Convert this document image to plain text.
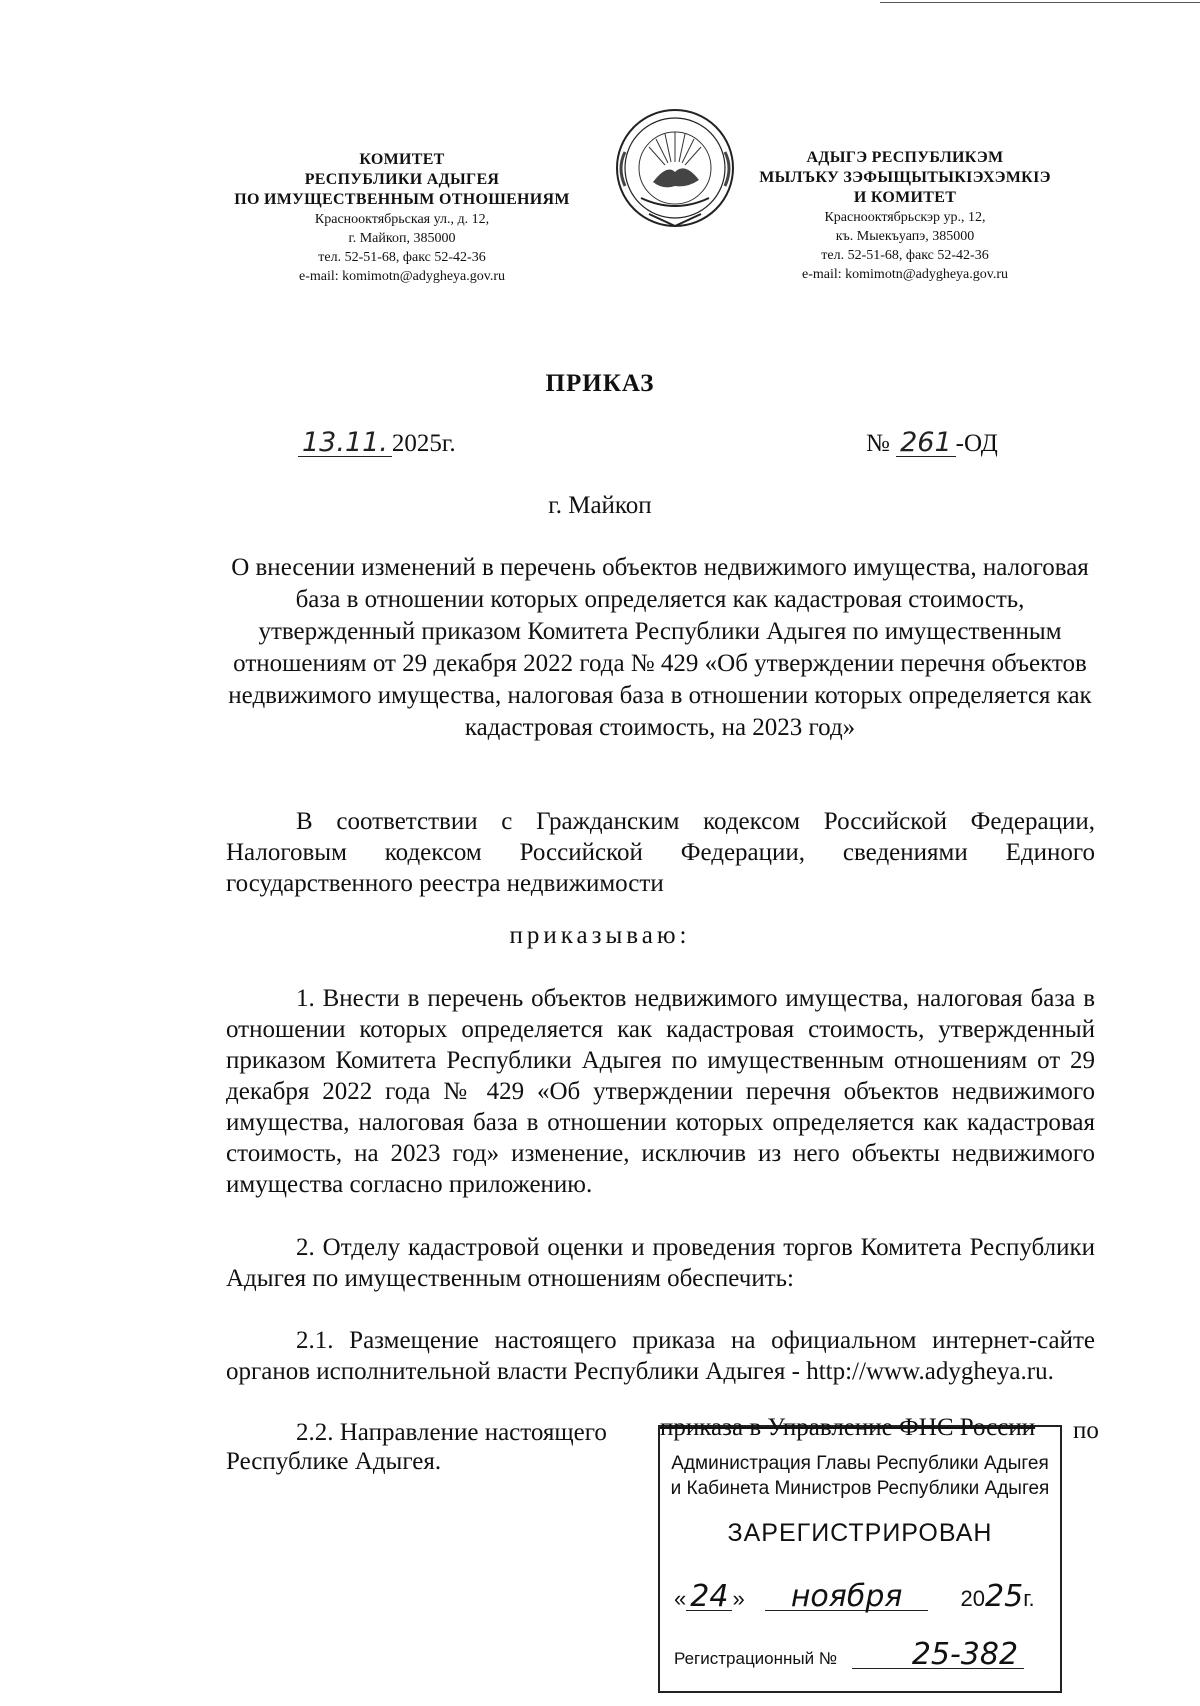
КОМИТЕТ
РЕСПУБЛИКИ АДЫГЕЯ
ПО ИМУЩЕСТВЕННЫМ ОТНОШЕНИЯМ
Краснооктябрьская ул., д. 12,
г. Майкоп, 385000
тел. 52-51-68, факс 52-42-36
e-mail: komimotn@adygheya.gov.ru
АДЫГЭ РЕСПУБЛИКЭМ
МЫЛЪКУ ЗЭФЫЩЫТЫКІЭХЭМКІЭ
И КОМИТЕТ
Краснооктябрьскэр ур., 12,
къ. Мыекъуапэ, 385000
тел. 52-51-68, факс 52-42-36
e-mail: komimotn@adygheya.gov.ru
ПРИКАЗ
13.11. 2025г.	№ 261 -ОД
г. Майкоп
О внесении изменений в перечень объектов недвижимого имущества, налоговая база в отношении которых определяется как кадастровая стоимость, утвержденный приказом Комитета Республики Адыгея по имущественным отношениям от 29 декабря 2022 года № 429 «Об утверждении перечня объектов недвижимого имущества, налоговая база в отношении которых определяется как кадастровая стоимость, на 2023 год»

В соответствии с Гражданским кодексом Российской Федерации, Налоговым кодексом Российской Федерации, сведениями Единого государственного реестра недвижимости

приказываю:

1. Внести в перечень объектов недвижимого имущества, налоговая база в отношении которых определяется как кадастровая стоимость, утвержденный приказом Комитета Республики Адыгея по имущественным отношениям от 29 декабря 2022 года № 429 «Об утверждении перечня объектов недвижимого имущества, налоговая база в отношении которых определяется как кадастровая стоимость, на 2023 год» изменение, исключив из него объекты недвижимого имущества согласно приложению.

2. Отделу кадастровой оценки и проведения торгов Комитета Республики Адыгея по имущественным отношениям обеспечить:

2.1. Размещение настоящего приказа на официальном интернет-сайте органов исполнительной власти Республики Адыгея - http://www.adygheya.ru.

2.2. Направление настоящего

Республике Адыгея.	Администрация Главы Республики Адыгея
и Кабинета Министров Республики Адыгея
ЗАРЕГИСТРИРОВАН
« 24 » ноября	2025г.
Регистрационный № 25-382
приказа в Управление ФНС России по
